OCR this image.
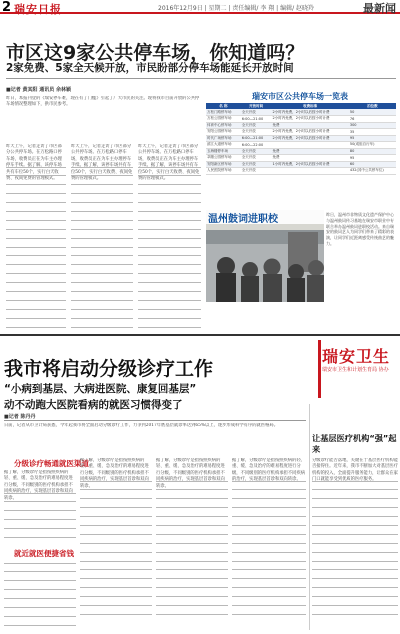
2 瑞安日报	2016年12月9日 | 星期二 | 责任编辑/ 李 翔 | 编辑/ 赵晓羚	最新闻
市区这9家公共停车场，你知道吗？
2家免费、5家全天候开放，市民盼部分停车场能延长开放时间
■记者 黄其阳 通讯员 余林颖
昨日，本报刊登的《瑞安停车难，现在有了门槛》引起了广大市民的关注。现将我市目前开放的公共停车场情况整理如下，供市民参考。
昨天上午，记者走访了市区部分公共停车场。在万松路口停车场，收费员正在为车主办理停车手续。据了解，该停车场共有车位50个，实行白天收费、夜间免费的管理模式。
昨天上午，记者走访了市区部分公共停车场。在万松路口停车场，收费员正在为车主办理停车手续。据了解，该停车场共有车位50个，实行白天收费、夜间免费的管理模式。
昨天上午，记者走访了市区部分公共停车场。在万松路口停车场，收费员正在为车主办理停车手续。据了解，该停车场共有车位50个，实行白天收费、夜间免费的管理模式。
瑞安市区公共停车场一览表
名 称	开放时间	收费标准	泊位数
万松门路停车场	全天开放	2小时内免费，2小时以后按小时计费	50
万松公园停车场	6:00—21:00	2小时内免费，2小时以后按小时计费	76
体育中心停车场	全天开放	免费	300
安阳公园停车场	全天开放	2小时内免费，2小时以后按小时计费	35
时代广场停车场	6:00—21:00	2小时内免费，2小时以后按小时计费	95
滨江大道停车场	6:00—22:00		50(成组自行车)
玉海楼停车场	全天开放	免费	80
莘塍公园停车场	全天开放	免费	95
安阳新区停车场	全天开放	1小时内免费，2小时以后按小时计费	60
人民医院停车场	全天开放		432(其中公共停车位)
温州鼓词进职校	昨日，温州市非物质文化遗产保护中心与温州鼓词传习基地在瑞安市职业中专联合举办温州鼓词进职校活动。来自瑞安的鼓词艺人为同学们带来了精彩的表演，让同学们近距离感受传统曲艺的魅力。
瑞安卫生
瑞安市卫生和计划生育局 协办
我市将启动分级诊疗工作
“小病到基层、大病进医院、康复回基层”
动不动跑大医院看病的就医习惯得变了
■记者 陈丹丹
日前，记者从市卫计局获悉，今年起我市将全面启动分级诊疗工作，力争到2017年底基层就诊率达到65%以上，逐步形成科学有序的就医格局。
分级诊疗畅通就医渠道
据了解，分级诊疗是指按照疾病的轻、重、缓、急及治疗的难易程度进行分级，不同级别的医疗机构承担不同疾病的治疗，实现基层首诊和双向转诊。
就近就医便捷省钱
据了解，分级诊疗是指按照疾病的轻、重、缓、急及治疗的难易程度进行分级，不同级别的医疗机构承担不同疾病的治疗，实现基层首诊和双向转诊。
据了解，分级诊疗是指按照疾病的轻、重、缓、急及治疗的难易程度进行分级，不同级别的医疗机构承担不同疾病的治疗，实现基层首诊和双向转诊。
据了解，分级诊疗是指按照疾病的轻、重、缓、急及治疗的难易程度进行分级，不同级别的医疗机构承担不同疾病的治疗，实现基层首诊和双向转诊。
让基层医疗机构“强”起来
分级诊疗能否落地，关键在于基层医疗机构能否接得住。近年来，我市不断加大对基层医疗机构的投入，全面提升服务能力，让群众在家门口就能享受到优质的医疗服务。
